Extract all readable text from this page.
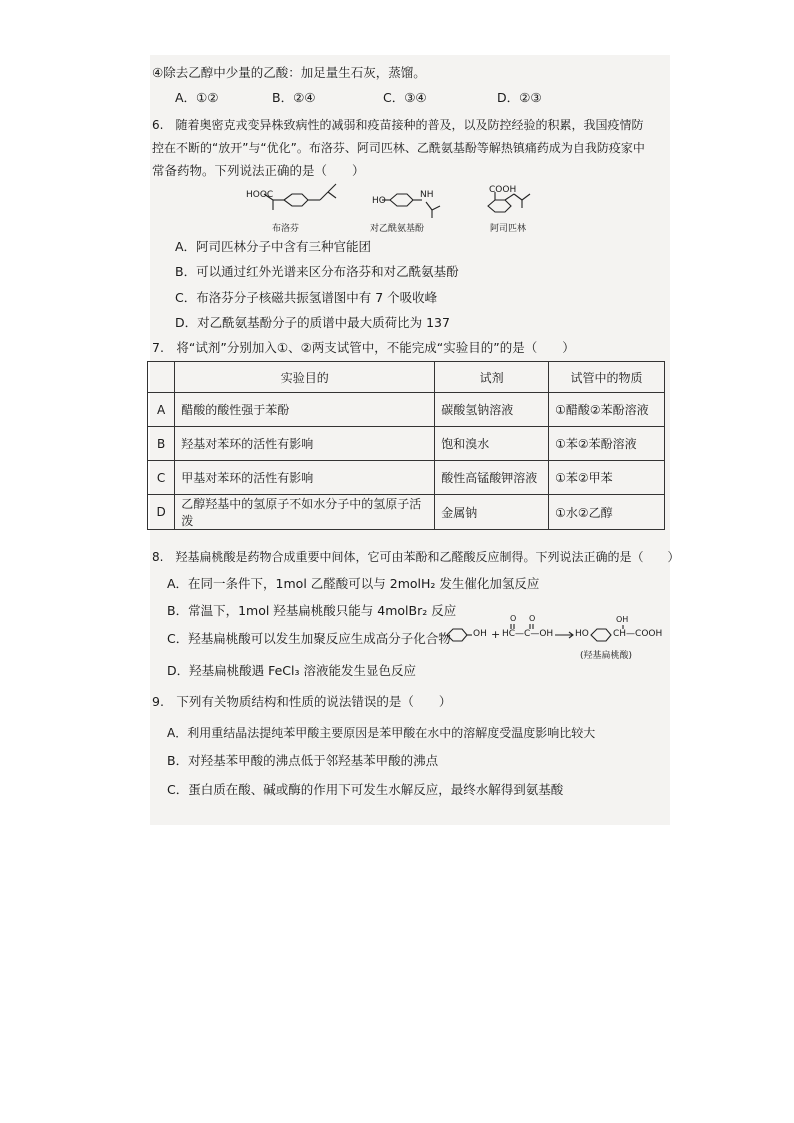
④除去乙醇中少量的乙酸：加足量生石灰，蒸馏。
A．①②	B．②④	C．③④	D．②③
6.　随着奥密克戎变异株致病性的减弱和疫苗接种的普及，以及防控经验的积累，我国疫情防
控在不断的“放开”与“优化”。布洛芬、阿司匹林、乙酰氨基酚等解热镇痛药成为自我防疫家中
常备药物。下列说法正确的是（　　）
HOOC
布洛芬
HO
NH
对乙酰氨基酚
COOH
阿司匹林
A．阿司匹林分子中含有三种官能团
B．可以通过红外光谱来区分布洛芬和对乙酰氨基酚
C．布洛芬分子核磁共振氢谱图中有 7 个吸收峰
D．对乙酰氨基酚分子的质谱中最大质荷比为 137
7.　将“试剂”分别加入①、②两支试管中，不能完成“实验目的”的是（　　）
	实验目的	试剂	试管中的物质
A	醋酸的酸性强于苯酚	碳酸氢钠溶液	①醋酸②苯酚溶液
B	羟基对苯环的活性有影响	饱和溴水	①苯②苯酚溶液
C	甲基对苯环的活性有影响	酸性高锰酸钾溶液	①苯②甲苯
D	乙醇羟基中的氢原子不如水分子中的氢原子活泼	金属钠	①水②乙醇
8.　羟基扁桃酸是药物合成重要中间体，它可由苯酚和乙醛酸反应制得。下列说法正确的是（　　）
A．在同一条件下，1mol 乙醛酸可以与 2molH₂ 发生催化加氢反应
B．常温下，1mol 羟基扁桃酸只能与 4molBr₂ 反应
C．羟基扁桃酸可以发生加聚反应生成高分子化合物
D．羟基扁桃酸遇 FeCl₃ 溶液能发生显色反应
OH + HC—C—OH
O O
HO	CH—COOH
OH
(羟基扁桃酸)
9.　下列有关物质结构和性质的说法错误的是（　　）
A．利用重结晶法提纯苯甲酸主要原因是苯甲酸在水中的溶解度受温度影响比较大
B．对羟基苯甲酸的沸点低于邻羟基苯甲酸的沸点
C．蛋白质在酸、碱或酶的作用下可发生水解反应，最终水解得到氨基酸
